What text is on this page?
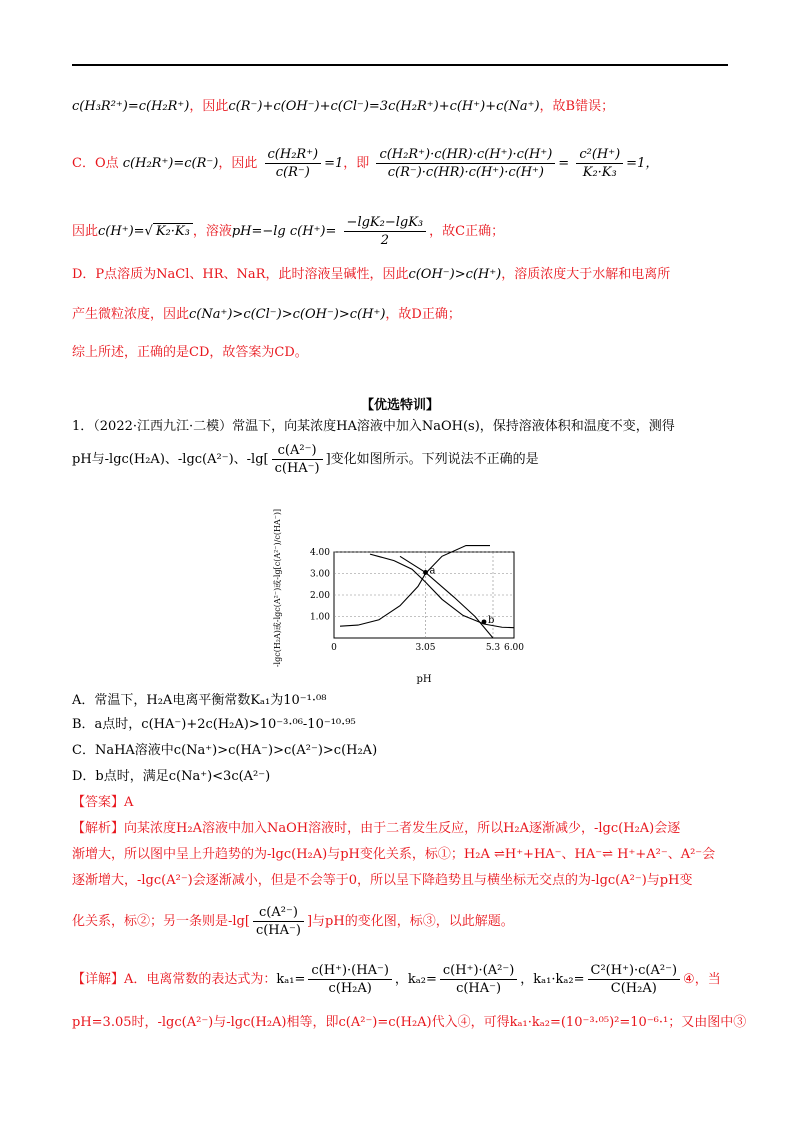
c(H₃R²⁺)=c(H₂R⁺)，因此c(R⁻)+c(OH⁻)+c(Cl⁻)=3c(H₂R⁺)+c(H⁺)+c(Na⁺)，故B错误；
C．O点 c(H₂R⁺)=c(R⁻)，因此 $\frac{\text{c(H₂R⁺)}}{c(R^-)} =1$，即 $\frac{\text{c(H₂R⁺)·c(HR)·c(H⁺)·c(H⁺)}}{c(R^-)\cdot c(HR)\cdot c(H^+)\cdot c(H^+)} = \frac{\text{c²(H⁺)}}{\text{K₂·K₃}} =1$，
因此c(H⁺)=√ K₂·K₃ ，溶液pH=−lg $c(H^+)= \frac{\text{−lgK₂−lgK₃}}{2}$ ，故C正确；
D．P点溶质为NaCl、HR、NaR，此时溶液呈碱性，因此c(OH⁻)>c(H⁺)，溶质浓度大于水解和电离所
产生微粒浓度，因此c(Na⁺)>c(Cl⁻)>c(OH⁻)>c(H⁺)，故D正确；
综上所述，正确的是CD，故答案为CD。
【优选特训】
1．（2022·江西九江·二模）常温下，向某浓度HA溶液中加入NaOH(s)，保持溶液体积和温度不变，测得
pH与-lgc(H₂A)、-lgc(A²⁻)、$-\lg[ \frac{\text{c(A²⁻)}}{c(HA^-)}$ ]变化如图所示。下列说法不正确的是
-lgc(H₂A)或-lgc(A²⁻)或-lg[c(A²⁻)/c(HA⁻)]	1.00
2.00
3.00
4.00
0	3.05	5.3 6.00
a
b
pH
A．常温下，H₂A电离平衡常数Kₐ₁为10⁻¹·⁰⁸
B．a点时，c(HA⁻)+2c(H₂A)>10⁻³·⁰⁶-10⁻¹⁰·⁹⁵
C．NaHA溶液中c(Na⁺)>c(HA⁻)>c(A²⁻)>c(H₂A)
D．b点时，满足c(Na⁺)<3c(A²⁻)
【答案】A
【解析】向某浓度H₂A溶液中加入NaOH溶液时，由于二者发生反应，所以H₂A逐渐减少，-lgc(H₂A)会逐
渐增大，所以图中呈上升趋势的为-lgc(H₂A)与pH变化关系，标①；H₂A ⇌H⁺+HA⁻、HA⁻⇌ H⁺+A²⁻、A²⁻会
逐渐增大，-lgc(A²⁻)会逐渐减小，但是不会等于0，所以呈下降趋势且与横坐标无交点的为-lgc(A²⁻)与pH变
化关系，标②；另一条则是$-\lg[ \frac{\text{c(A²⁻)}}{c(HA^-)}$ ]与pH的变化图，标③，以此解题。
【详解】A．电离常数的表达式为：$k_{a1}= \frac{c(H^+)\cdot(HA^-)}{\text{c(H₂A)}}$ ，$k_{a2}= \frac{\text{c(H⁺)·(A²⁻)}}{c(HA^-)}$ ，$k_{a1}\cdot k_{a2}= \frac{\text{C²(H⁺)·c(A²⁻)}}{\text{C(H₂A)}}$ ④，当
pH=3.05时，-lgc(A²⁻)与-lgc(H₂A)相等，即c(A²⁻)=c(H₂A)代入④，可得kₐ₁·kₐ₂=(10⁻³·⁰⁵)²=10⁻⁶·¹；又由图中③
